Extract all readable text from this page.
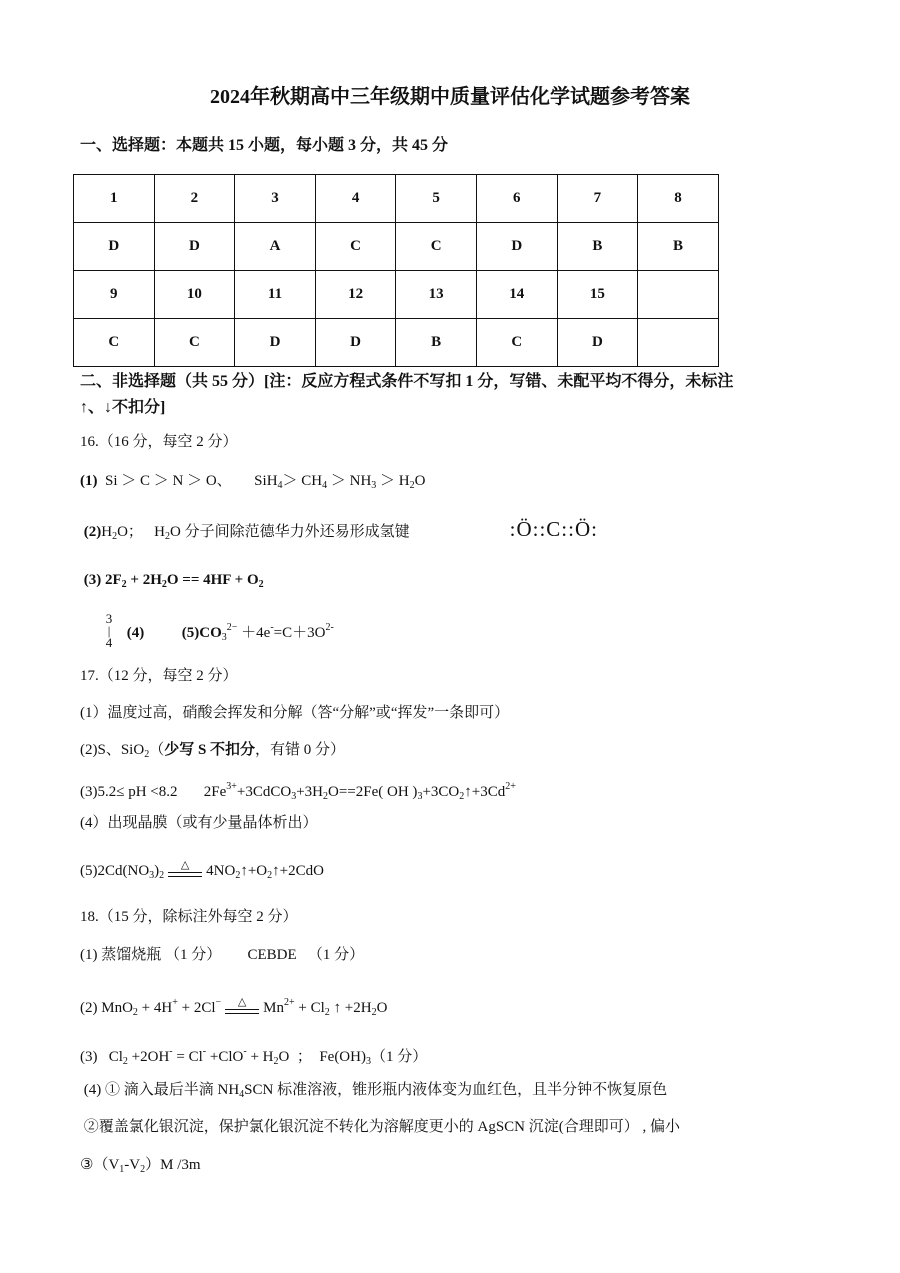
2024年秋期高中三年级期中质量评估化学试题参考答案
一、选择题：本题共 15 小题，每小题 3 分，共 45 分
1	2	3	4	5	6	7	8
D	D	A	C	C	D	B	B
9	10	11	12	13	14	15	
C	C	D	D	B	C	D	
二、非选择题（共 55 分）[注：反应方程式条件不写扣 1 分，写错、未配平均不得分，未标注
↑、↓不扣分]
16.（16 分，每空 2 分）
(1)  Si ＞ C ＞ N ＞ O、      $SiH_4> CH_4 > NH_3 > H_2O$
$(2)H_2O$；   $H_2O$ 分子间除范德华力外还易形成氢键	:Ö::C::Ö:
(3) $2F_2 + 2H_2O == 4HF + O_2$
3|4   (4)          $(5)CO_3^{2-} +4e^-=C+3O^{2-}$
17.（12 分，每空 2 分）
(1）温度过高，硝酸会挥发和分解（答“分解”或“挥发”一条即可）
(2)S、SiO$_2$（少写 S 不扣分，有错 0 分）
(3)5.2≤ pH <8.2       $2Fe^{3+}+3CdCO_3+3H_2O==2Fe$( OH )$_3+3CO_2↑+3Cd^{2+}$
(4）出现晶膜（或有少量晶体析出）
$(5)2Cd(NO_3)_2$
△	$4NO_2↑+O_2↑+2CdO$
18.（15 分，除标注外每空 2 分）
(1) 蒸馏烧瓶 （1 分）       CEBDE   （1 分）
(2) MnO$_2$ + 4H+ + 2Cl−	△	$Mn^{2+} + Cl_2$ ↑ $+2H_2O$
(3)   $Cl_2 +2OH^- = Cl^- +ClO^- + H_2O$  ；  $Fe(OH)_3(1$ 分）
(4) ① 滴入最后半滴 $NH_4SCN$ 标准溶液，锥形瓶内液体变为血红色，且半分钟不恢复原色
②覆盖氯化银沉淀，保护氯化银沉淀不转化为溶解度更小的 AgSCN 沉淀(合理即可） , 偏小
$③(V_1-V_2)M$ /3m
